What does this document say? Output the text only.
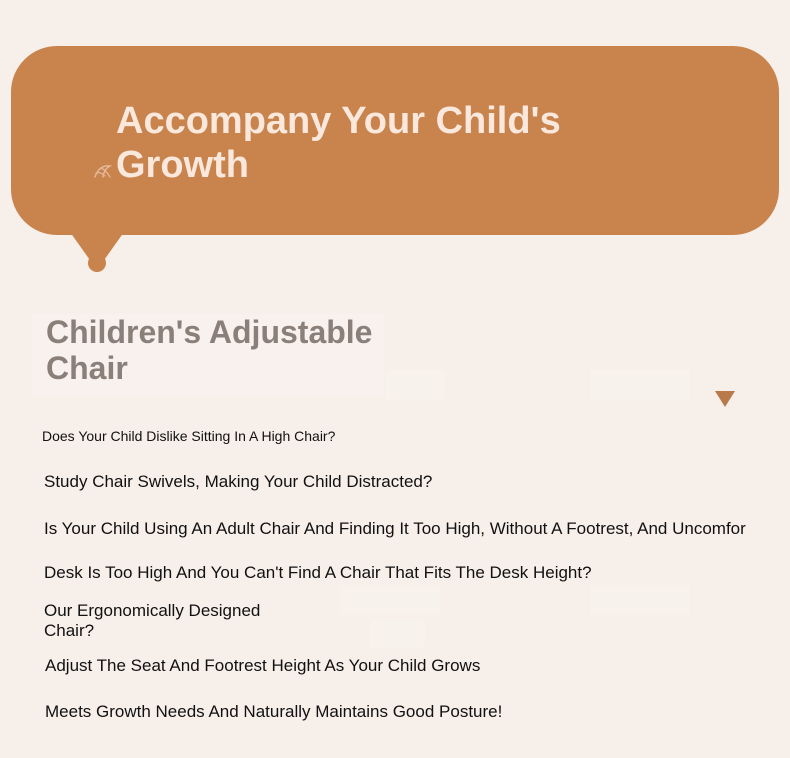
Accompany Your Child's
Growth
Children's Adjustable
Chair

Does Your Child Dislike Sitting In A High Chair?

Study Chair Swivels, Making Your Child Distracted?

Is Your Child Using An Adult Chair And Finding It Too High, Without A Footrest, And Uncomfor

Desk Is Too High And You Can't Find A Chair That Fits The Desk Height?

Our Ergonomically Designed
Chair?

Adjust The Seat And Footrest Height As Your Child Grows

Meets Growth Needs And Naturally Maintains Good Posture!
